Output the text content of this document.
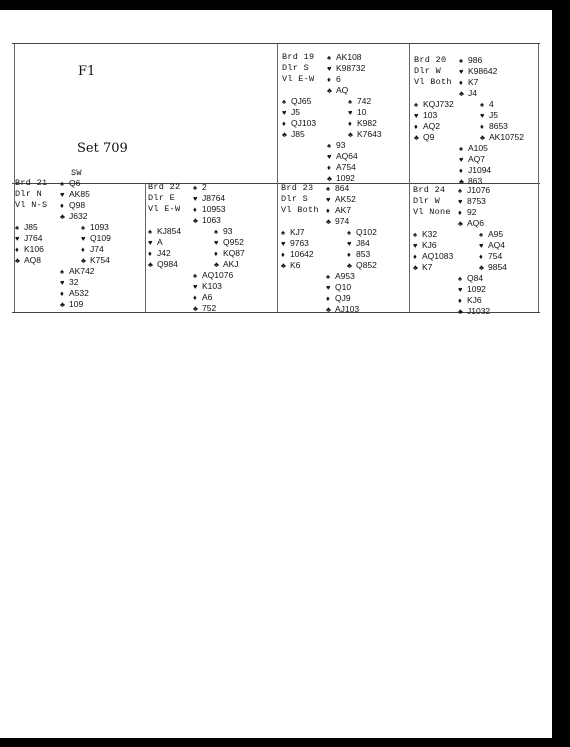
F1
Set 709
SW
Brd 19
Dlr S
Vl E-W
♠ AK108
♥ K98732
♦ 6
♣ AQ
♠ QJ65
♥ J5
♦ QJ103
♣ J85
♠ 742
♥ 10
♦ K982
♣ K7643
♠ 93
♥ AQ64
♦ A754
♣ 1092
Brd 20
Dlr W
Vl Both
♠ 986
♥ K98642
♦ K7
♣ J4
♠ KQJ732
♥ 103
♦ AQ2
♣ Q9
♠ 4
♥ J5
♦ 8653
♣ AK10752
♠ A105
♥ AQ7
♦ J1094
♣ 863
Brd 21
Dlr N
Vl N-S
♠ Q6
♥ AK85
♦ Q98
♣ J632
♠ J85
♥ J764
♦ K106
♣ AQ8
♠ 1093
♥ Q109
♦ J74
♣ K754
♠ AK742
♥ 32
♦ A532
♣ 109
Brd 22
Dlr E
Vl E-W
♠ 2
♥ J8764
♦ 10953
♣ 1063
♠ KJ854
♥ A
♦ J42
♣ Q984
♠ 93
♥ Q952
♦ KQ87
♣ AKJ
♠ AQ1076
♥ K103
♦ A6
♣ 752
Brd 23
Dlr S
Vl Both
♠ 864
♥ AK52
♦ AK7
♣ 974
♠ KJ7
♥ 9763
♦ 10642
♣ K6
♠ Q102
♥ J84
♦ 853
♣ Q852
♠ A953
♥ Q10
♦ QJ9
♣ AJ103
Brd 24
Dlr W
Vl None
♠ J1076
♥ 8753
♦ 92
♣ AQ6
♠ K32
♥ KJ6
♦ AQ1083
♣ K7
♠ A95
♥ AQ4
♦ 754
♣ 9854
♠ Q84
♥ 1092
♦ KJ6
♣ J1032
